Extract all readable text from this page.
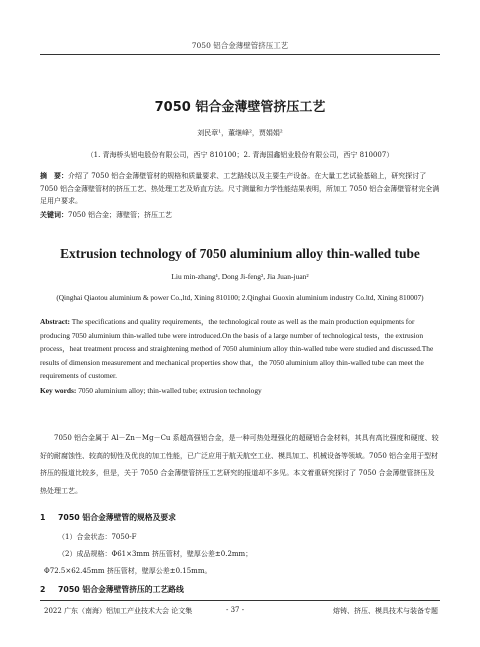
7050 铝合金薄壁管挤压工艺
7050 铝合金薄壁管挤压工艺
刘民章¹，董继峰²，贾娟娟²
（1. 青海桥头铝电股份有限公司，西宁 810100；2. 青海国鑫铝业股份有限公司，西宁 810007）
摘　要：介绍了 7050 铝合金薄壁管材的规格和质量要求、工艺路线以及主要生产设备。在大量工艺试验基础上，研究探讨了 7050 铝合金薄壁管材的挤压工艺、热处理工艺及矫直方法。尺寸测量和力学性能结果表明，所加工 7050 铝合金薄壁管材完全满足用户要求。
关键词：7050 铝合金；薄壁管；挤压工艺
Extrusion technology of 7050 aluminium alloy thin-walled tube
Liu min-zhang¹, Dong Ji-feng², Jia Juan-juan²
(Qinghai Qiaotou aluminium & power Co.,ltd, Xining 810100; 2.Qinghai Guoxin aluminium industry Co.ltd, Xining 810007)
Abstract: The specifications and quality requirements，the technological route as well as the main production equipments for producing 7050 aluminium thin-walled tube were introduced.On the basis of a large number of technological tests，the extrusion process，heat treatment process and straightening method of 7050 aluminium alloy thin-walled tube were studied and discussed.The results of dimension measurement and mechanical properties show that，the 7050 aluminium alloy thin-walled tube can meet the requirements of customer.
Key words: 7050 aluminium alloy; thin-walled tube; extrusion technology
7050 铝合金属于 Al－Zn－Mg－Cu 系超高强铝合金，是一种可热处理强化的超硬铝合金材料，其具有高比强度和硬度、较好的耐腐蚀性、较高的韧性及优良的加工性能，已广泛应用于航天航空工业、模具加工、机械设备等领域。7050 铝合金用于型材挤压的报道比较多，但是，关于 7050 合金薄壁管挤压工艺研究的报道却不多见。本文着重研究探讨了 7050 合金薄壁管挤压及热处理工艺。
1 7050 铝合金薄壁管的规格及要求
（1）合金状态：7050-F
（2）成品规格：Φ61×3mm 挤压管材，壁厚公差±0.2mm；
Φ72.5×62.45mm 挤压管材，壁厚公差±0.15mm。
2 7050 铝合金薄壁管挤压的工艺路线
2022 广东（南海）铝加工产业技术大会 论文集	- 37 -	熔铸、挤压、模具技术与装备专题
